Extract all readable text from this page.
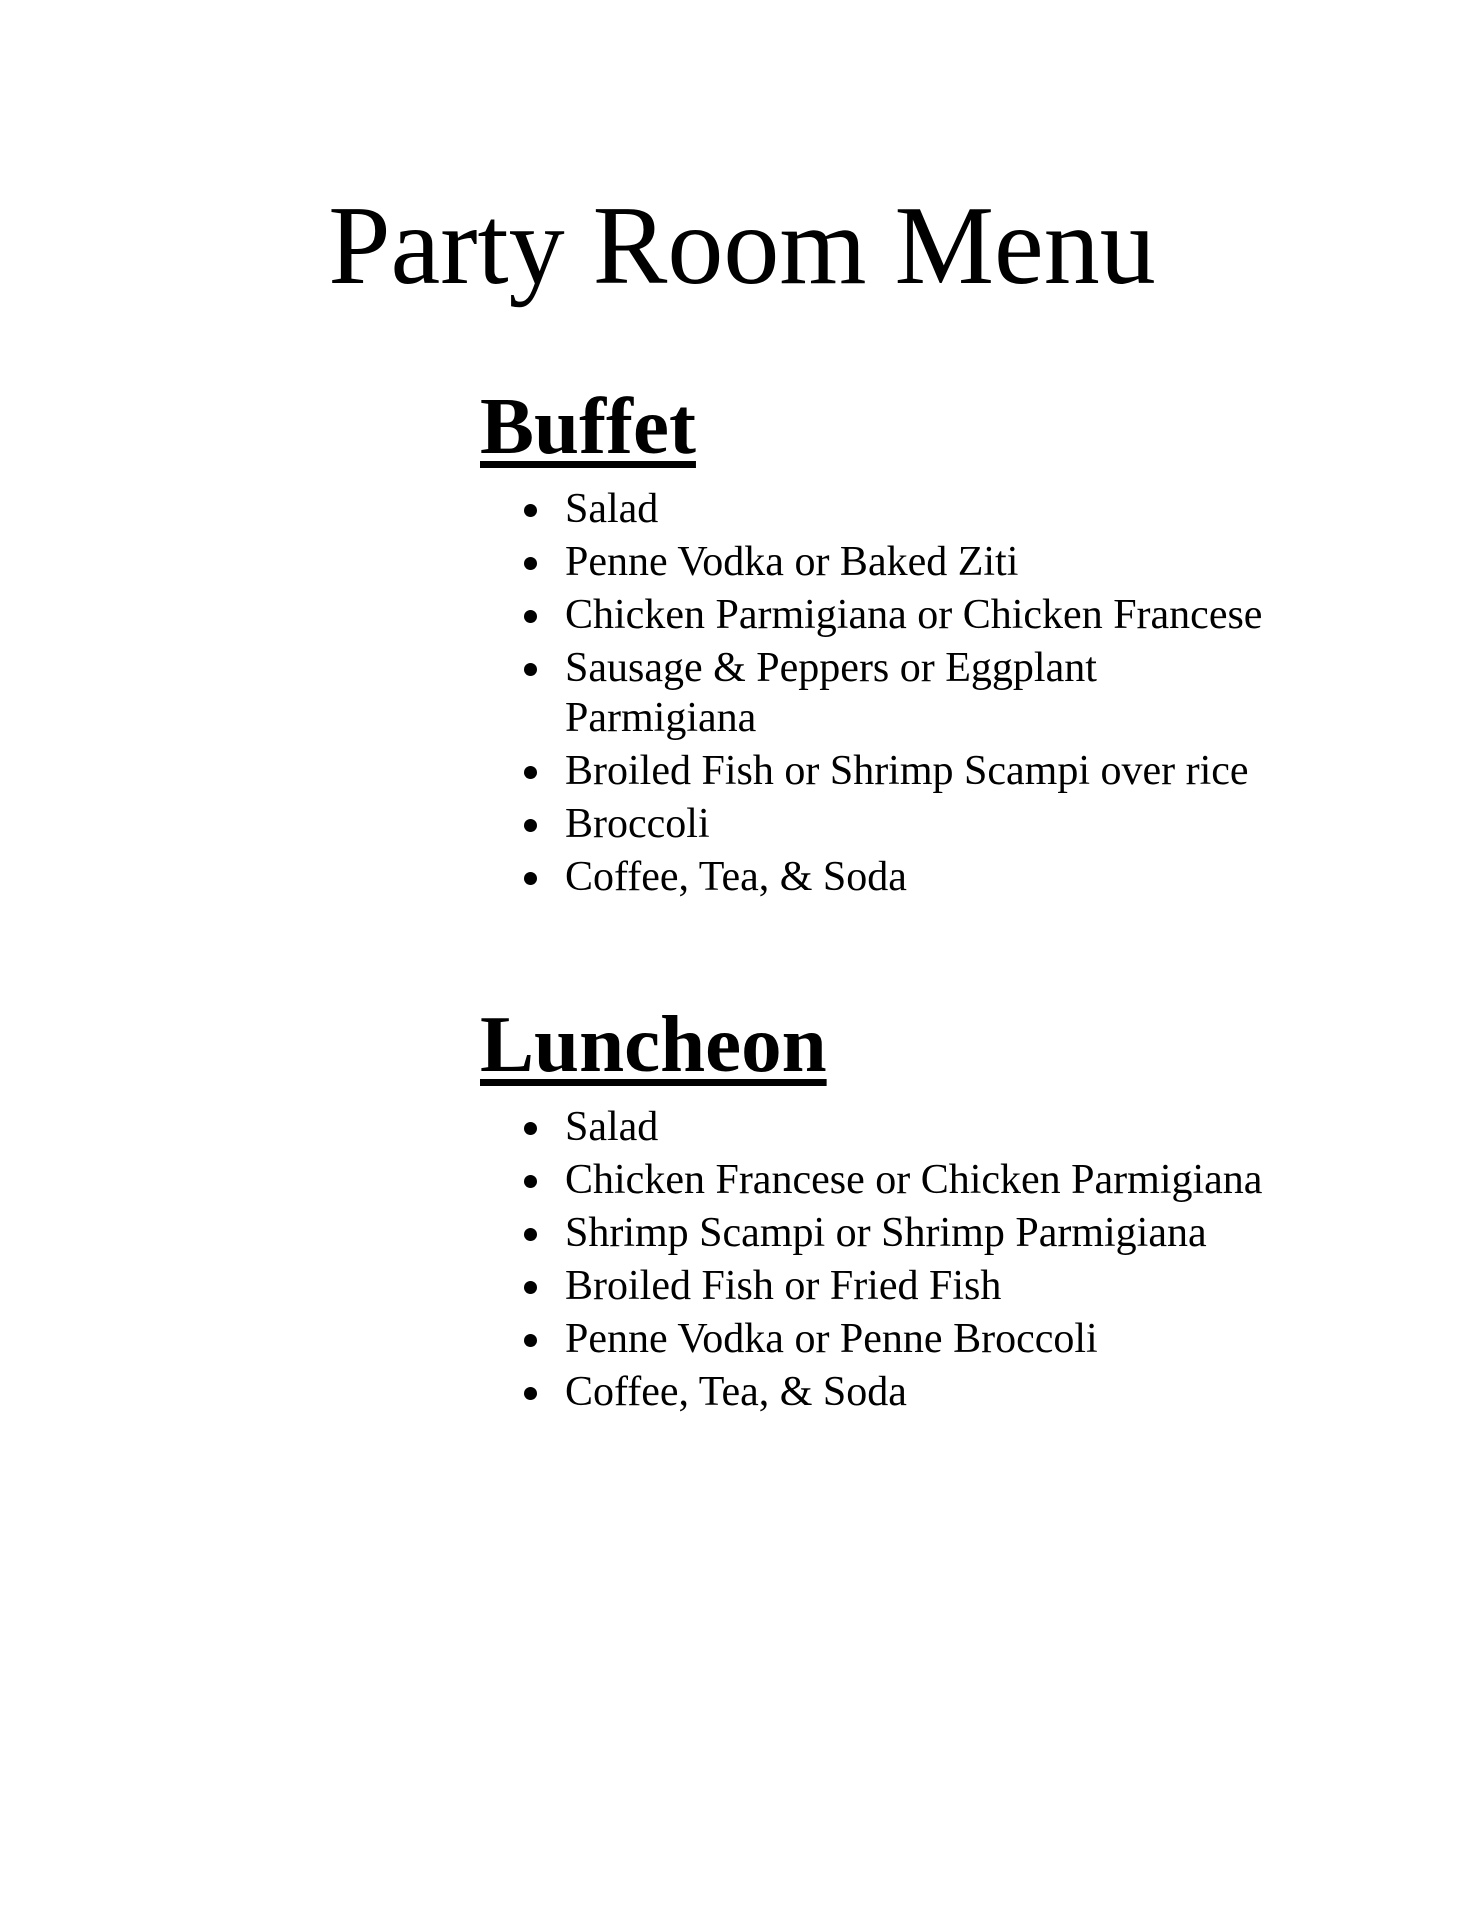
Party Room Menu
Buffet
Salad
Penne Vodka or Baked Ziti
Chicken Parmigiana or Chicken Francese
Sausage & Peppers or Eggplant Parmigiana
Broiled Fish or Shrimp Scampi over rice
Broccoli
Coffee, Tea, & Soda
Luncheon
Salad
Chicken Francese or Chicken Parmigiana
Shrimp Scampi or Shrimp Parmigiana
Broiled Fish or Fried Fish
Penne Vodka or Penne Broccoli
Coffee, Tea, & Soda
